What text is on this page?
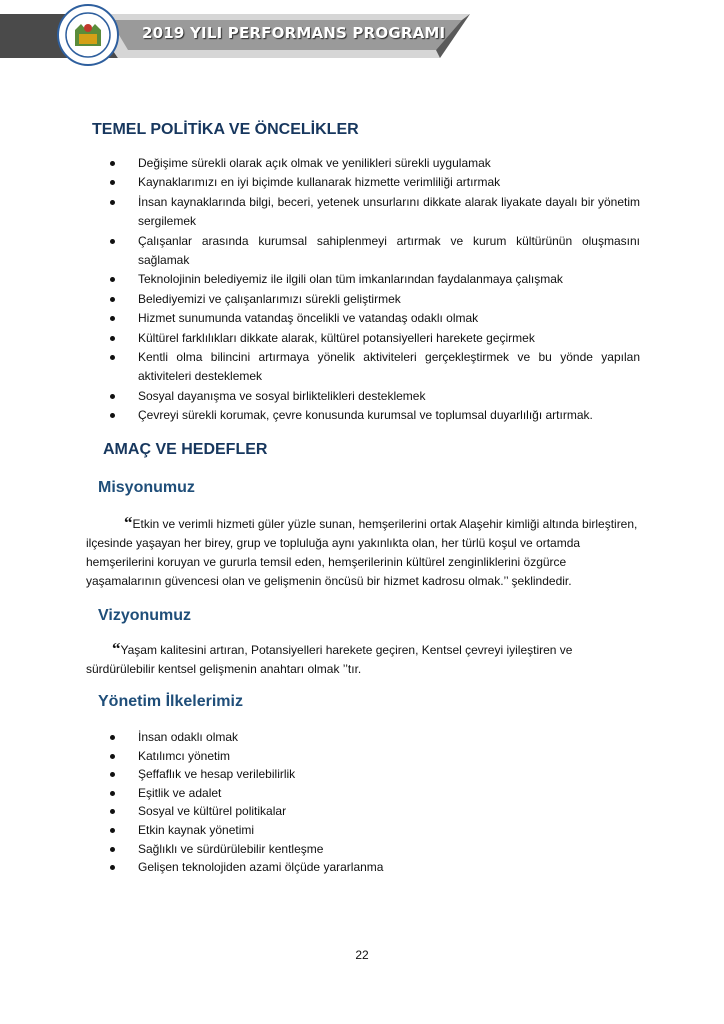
2019 YILI PERFORMANS PROGRAMI
TEMEL POLİTİKA VE ÖNCELİKLER
Değişime sürekli olarak açık olmak ve yenilikleri sürekli uygulamak
Kaynaklarımızı en iyi biçimde kullanarak hizmette verimliliği artırmak
İnsan kaynaklarında bilgi, beceri, yetenek unsurlarını dikkate alarak liyakate dayalı bir yönetim sergilemek
Çalışanlar arasında kurumsal sahiplenmeyi artırmak ve kurum kültürünün oluşmasını sağlamak
Teknolojinin belediyemiz ile ilgili olan tüm imkanlarından faydalanmaya çalışmak
Belediyemizi ve çalışanlarımızı sürekli geliştirmek
Hizmet sunumunda vatandaş öncelikli ve vatandaş odaklı olmak
Kültürel farklılıkları dikkate alarak, kültürel potansiyelleri harekete geçirmek
Kentli olma bilincini artırmaya yönelik aktiviteleri gerçekleştirmek ve bu yönde yapılan aktiviteleri desteklemek
Sosyal dayanışma ve sosyal birliktelikleri desteklemek
Çevreyi sürekli korumak, çevre konusunda kurumsal ve toplumsal duyarlılığı artırmak.
AMAÇ VE HEDEFLER
Misyonumuz

“Etkin ve verimli hizmeti güler yüzle sunan, hemşerilerini ortak Alaşehir kimliği altında birleştiren, ilçesinde yaşayan her birey, grup ve topluluğa aynı yakınlıkta olan, her türlü koşul ve ortamda hemşerilerini koruyan ve gururla temsil eden, hemşerilerinin kültürel zenginliklerini özgürce yaşamalarının güvencesi olan ve gelişmenin öncüsü bir hizmet kadrosu olmak.’’ şeklindedir.

Vizyonumuz

“Yaşam kalitesini artıran, Potansiyelleri harekete geçiren, Kentsel çevreyi iyileştiren ve sürdürülebilir kentsel gelişmenin anahtarı olmak ’’tır.

Yönetim İlkelerimiz
İnsan odaklı olmak
Katılımcı yönetim
Şeffaflık ve hesap verilebilirlik
Eşitlik ve adalet
Sosyal ve kültürel politikalar
Etkin kaynak yönetimi
Sağlıklı ve sürdürülebilir kentleşme
Gelişen teknolojiden azami ölçüde yararlanma
22
